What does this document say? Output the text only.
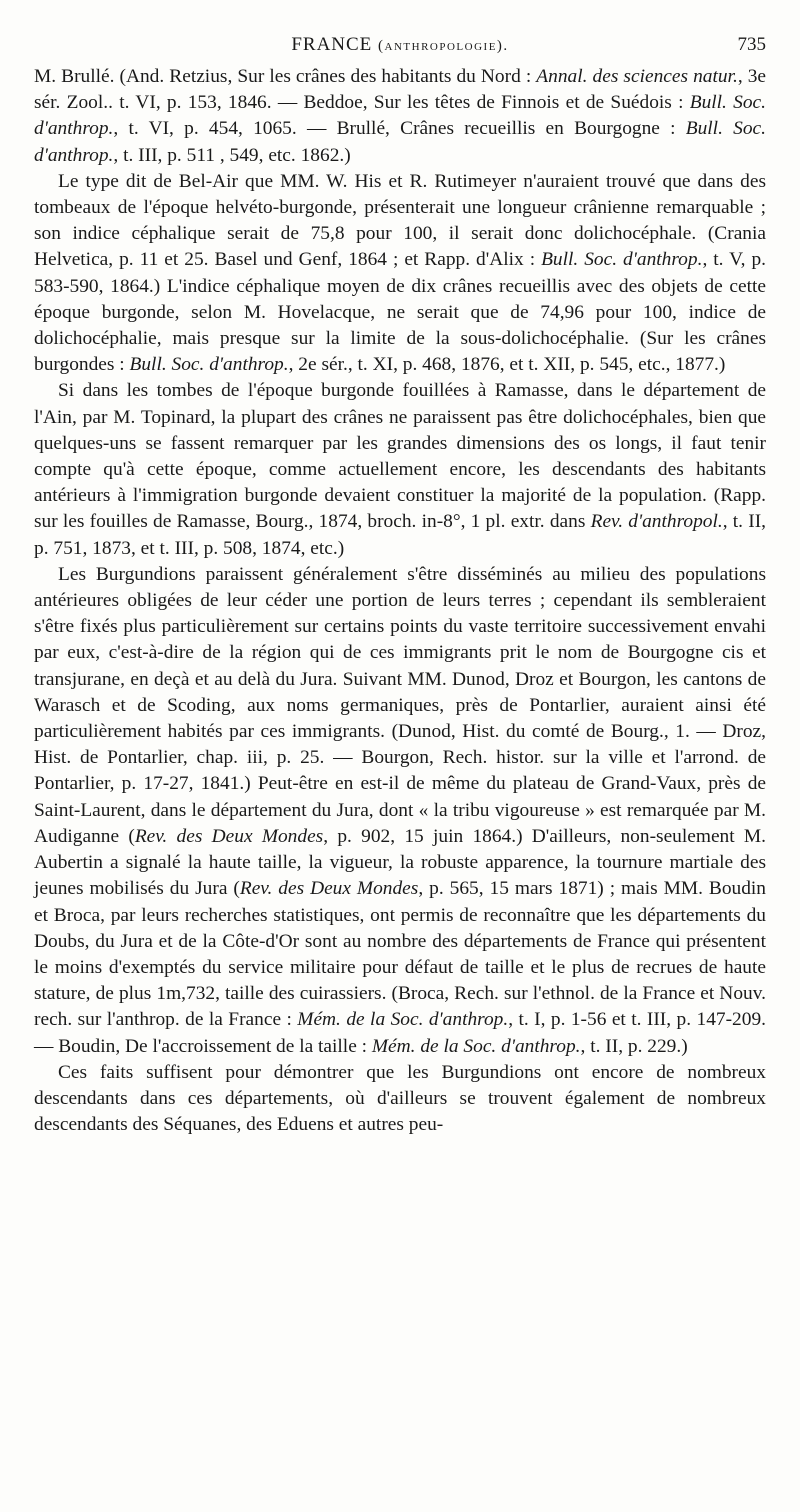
FRANCE (anthropologie).	735

M. Brullé. (And. Retzius, Sur les crânes des habitants du Nord : Annal. des sciences natur., 3e sér. Zool.. t. VI, p. 153, 1846. — Beddoe, Sur les têtes de Finnois et de Suédois : Bull. Soc. d'anthrop., t. VI, p. 454, 1065. — Brullé, Crânes recueillis en Bourgogne : Bull. Soc. d'anthrop., t. III, p. 511 , 549, etc. 1862.)

Le type dit de Bel-Air que MM. W. His et R. Rutimeyer n'auraient trouvé que dans des tombeaux de l'époque helvéto-burgonde, présenterait une longueur crânienne remarquable ; son indice céphalique serait de 75,8 pour 100, il serait donc dolichocéphale. (Crania Helvetica, p. 11 et 25. Basel und Genf, 1864 ; et Rapp. d'Alix : Bull. Soc. d'anthrop., t. V, p. 583-590, 1864.) L'indice céphalique moyen de dix crânes recueillis avec des objets de cette époque burgonde, selon M. Hovelacque, ne serait que de 74,96 pour 100, indice de dolichocéphalie, mais presque sur la limite de la sous-dolichocéphalie. (Sur les crânes burgondes : Bull. Soc. d'anthrop., 2e sér., t. XI, p. 468, 1876, et t. XII, p. 545, etc., 1877.)

Si dans les tombes de l'époque burgonde fouillées à Ramasse, dans le département de l'Ain, par M. Topinard, la plupart des crânes ne paraissent pas être dolichocéphales, bien que quelques-uns se fassent remarquer par les grandes dimensions des os longs, il faut tenir compte qu'à cette époque, comme actuellement encore, les descendants des habitants antérieurs à l'immigration burgonde devaient constituer la majorité de la population. (Rapp. sur les fouilles de Ramasse, Bourg., 1874, broch. in-8°, 1 pl. extr. dans Rev. d'anthropol., t. II, p. 751, 1873, et t. III, p. 508, 1874, etc.)

Les Burgundions paraissent généralement s'être disséminés au milieu des populations antérieures obligées de leur céder une portion de leurs terres ; cependant ils sembleraient s'être fixés plus particulièrement sur certains points du vaste territoire successivement envahi par eux, c'est-à-dire de la région qui de ces immigrants prit le nom de Bourgogne cis et transjurane, en deçà et au delà du Jura. Suivant MM. Dunod, Droz et Bourgon, les cantons de Warasch et de Scoding, aux noms germaniques, près de Pontarlier, auraient ainsi été particulièrement habités par ces immigrants. (Dunod, Hist. du comté de Bourg., 1. — Droz, Hist. de Pontarlier, chap. iii, p. 25. — Bourgon, Rech. histor. sur la ville et l'arrond. de Pontarlier, p. 17-27, 1841.) Peut-être en est-il de même du plateau de Grand-Vaux, près de Saint-Laurent, dans le département du Jura, dont « la tribu vigoureuse » est remarquée par M. Audiganne (Rev. des Deux Mondes, p. 902, 15 juin 1864.) D'ailleurs, non-seulement M. Aubertin a signalé la haute taille, la vigueur, la robuste apparence, la tournure martiale des jeunes mobilisés du Jura (Rev. des Deux Mondes, p. 565, 15 mars 1871) ; mais MM. Boudin et Broca, par leurs recherches statistiques, ont permis de reconnaître que les départements du Doubs, du Jura et de la Côte-d'Or sont au nombre des départements de France qui présentent le moins d'exemptés du service militaire pour défaut de taille et le plus de recrues de haute stature, de plus 1m,732, taille des cuirassiers. (Broca, Rech. sur l'ethnol. de la France et Nouv. rech. sur l'anthrop. de la France : Mém. de la Soc. d'anthrop., t. I, p. 1-56 et t. III, p. 147-209. — Boudin, De l'accroissement de la taille : Mém. de la Soc. d'anthrop., t. II, p. 229.)

Ces faits suffisent pour démontrer que les Burgundions ont encore de nombreux descendants dans ces départements, où d'ailleurs se trouvent également de nombreux descendants des Séquanes, des Eduens et autres peu-
